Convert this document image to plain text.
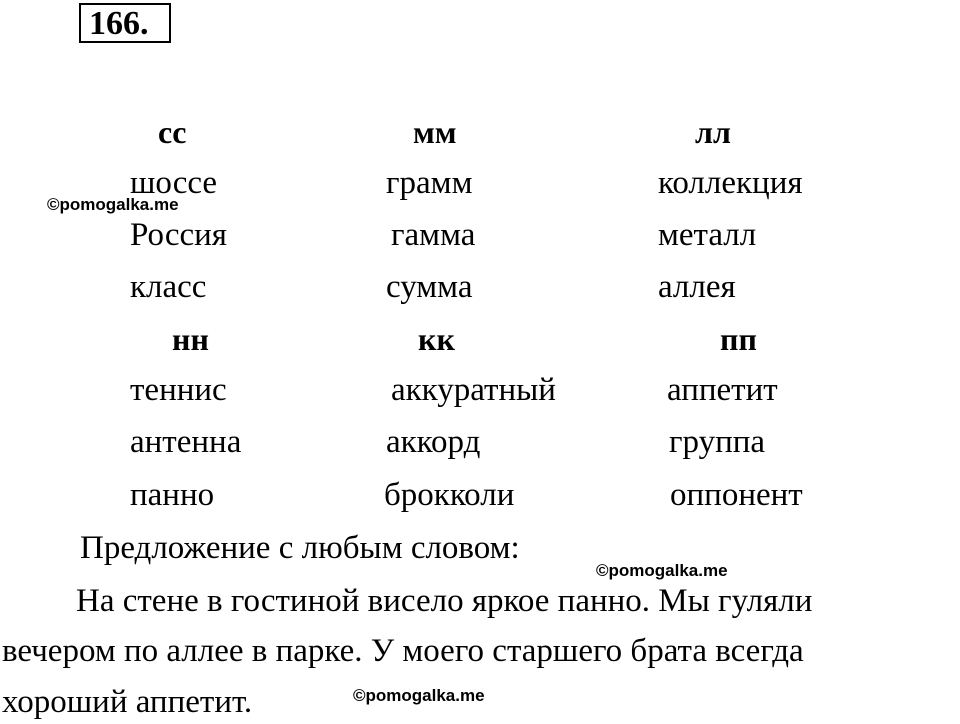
166.
сс	мм	лл
шоссе	грамм	коллекция
Россия	гамма	металл
класс	сумма	аллея
нн	кк	пп
теннис	аккуратный	аппетит
антенна	аккорд	группа
панно	брокколи	оппонент
Предложение с любым словом:
На стене в гостиной висело яркое панно. Мы гуляли
вечером по аллее в парке. У моего старшего брата всегда
хороший аппетит.
©pomogalka.me
©pomogalka.me
©pomogalka.me
